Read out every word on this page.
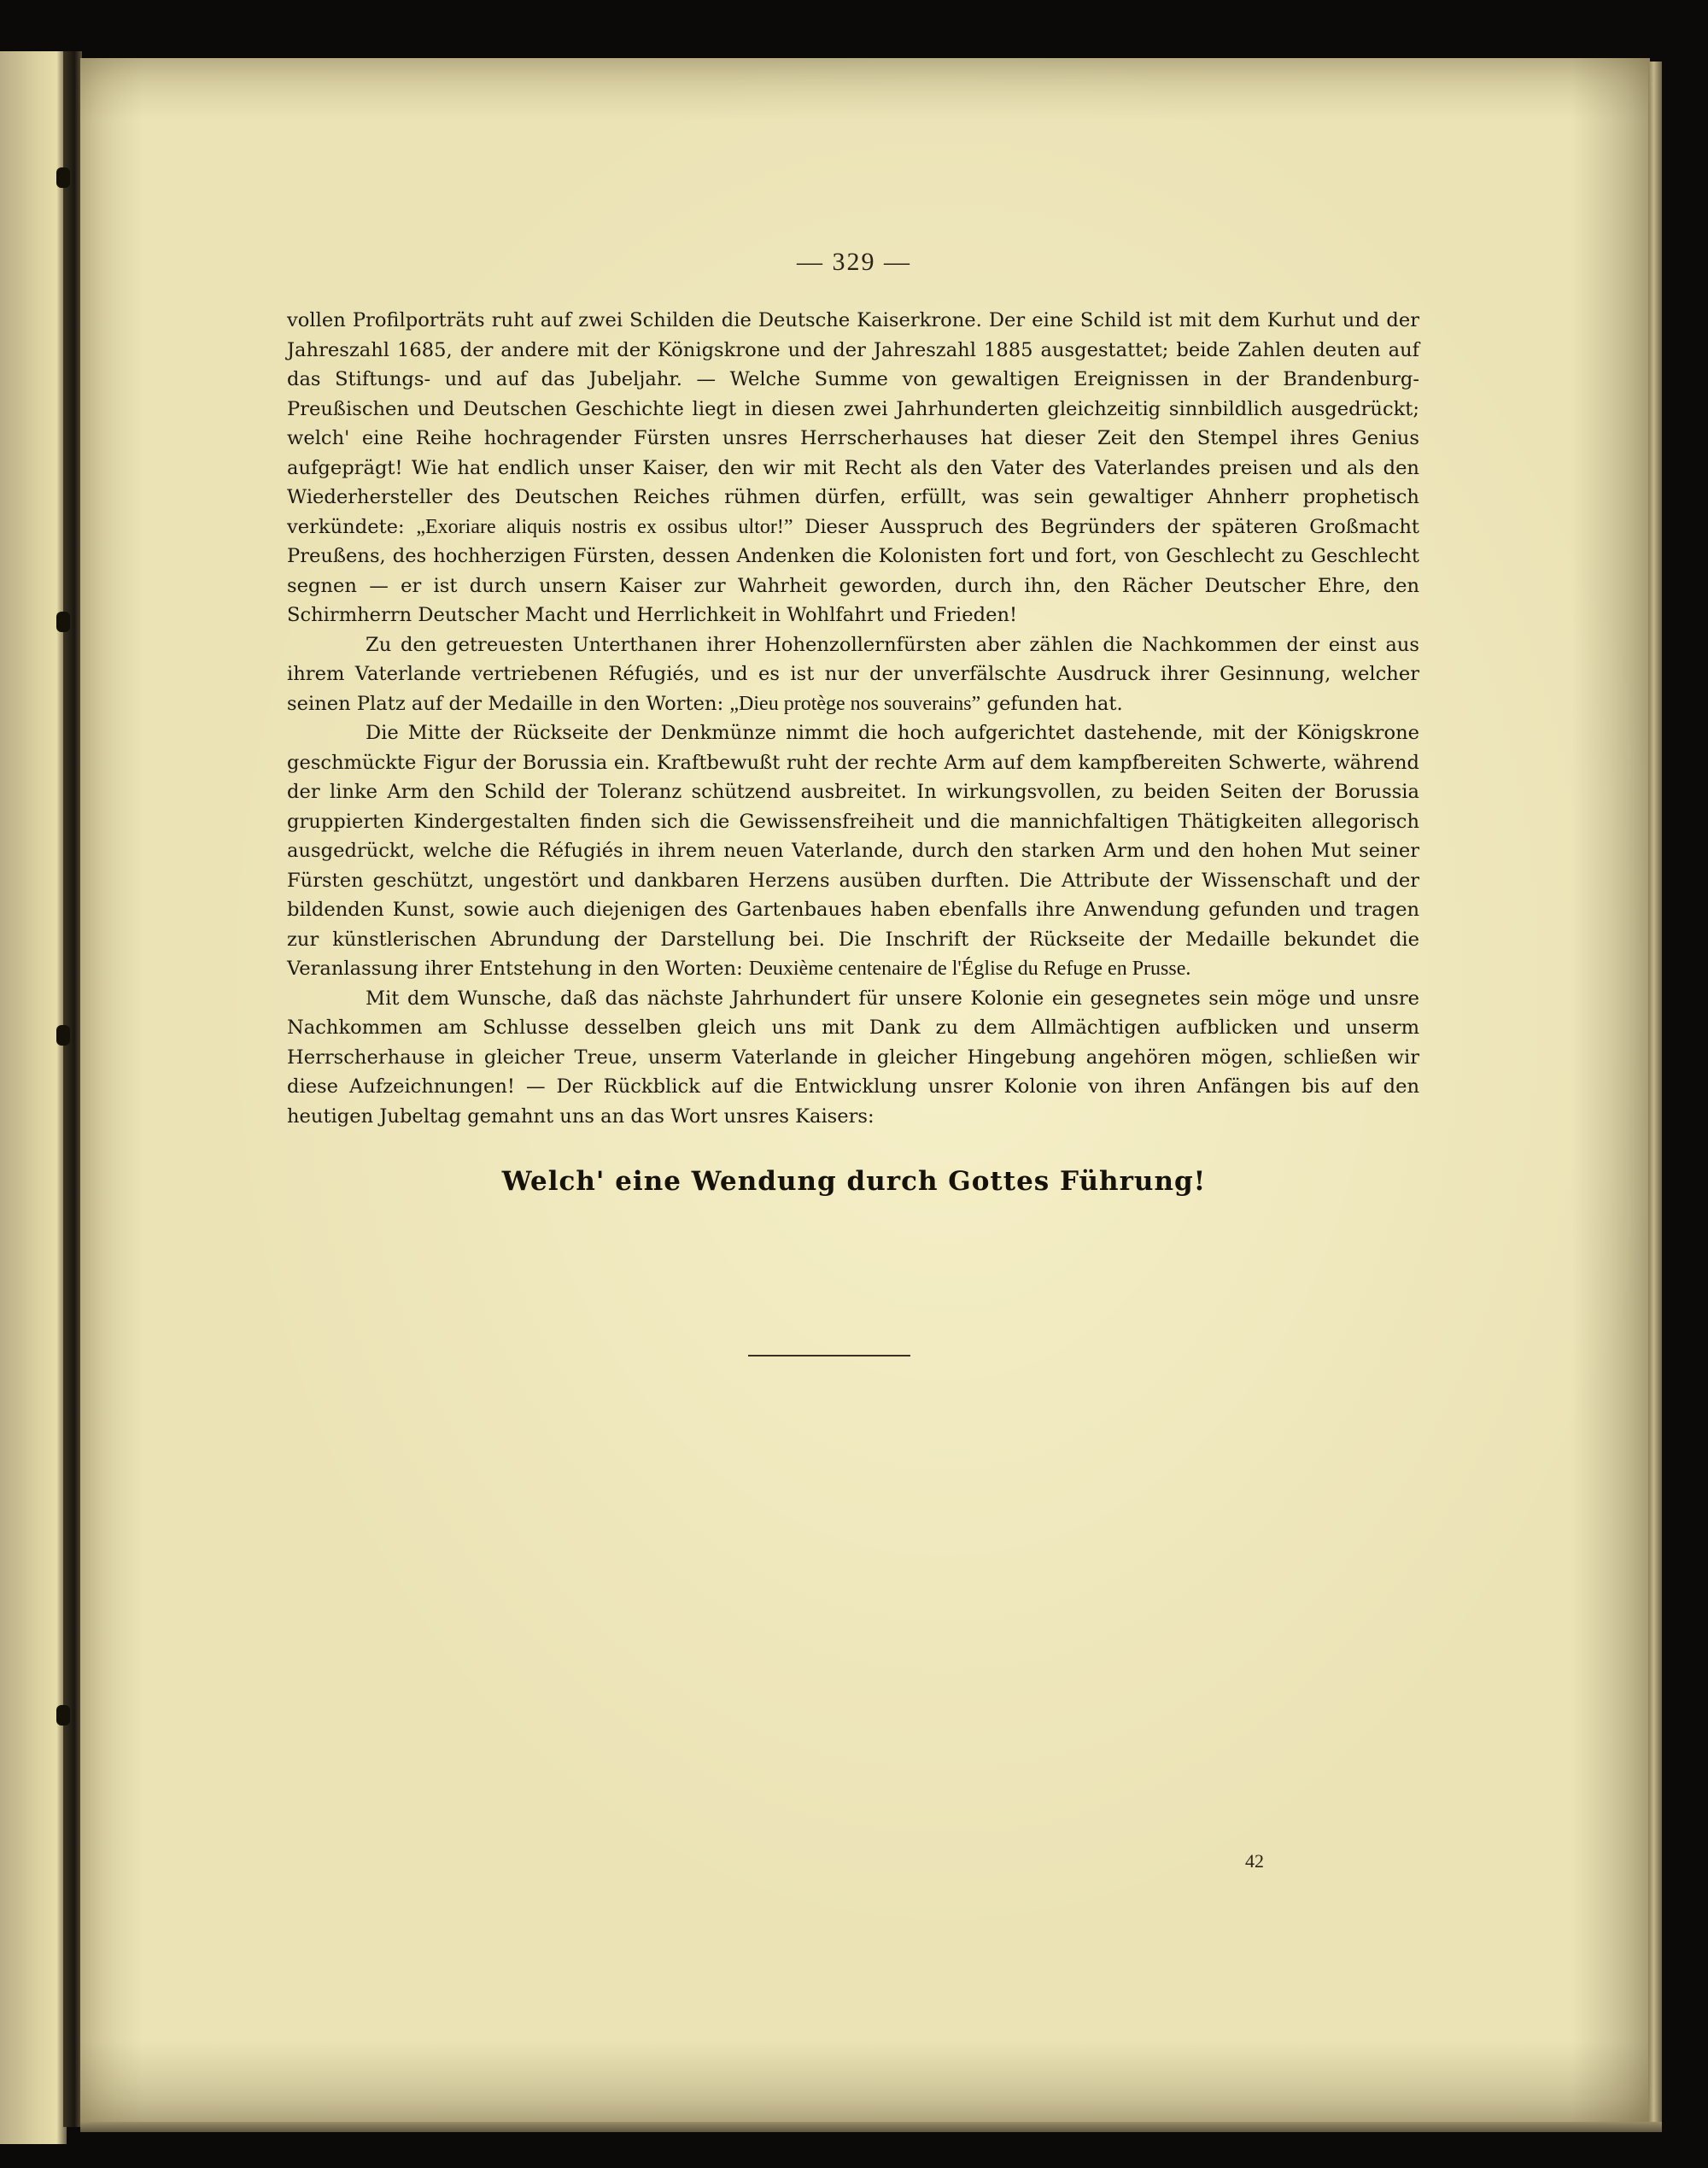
— 329 —

vollen Profilporträts ruht auf zwei Schilden die Deutsche Kaiserkrone. Der eine Schild ist mit dem Kurhut und der Jahreszahl 1685, der andere mit der Königskrone und der Jahreszahl 1885 ausgestattet; beide Zahlen deuten auf das Stiftungs- und auf das Jubeljahr. — Welche Summe von gewaltigen Ereignissen in der Brandenburg-Preußischen und Deutschen Geschichte liegt in diesen zwei Jahrhunderten gleichzeitig sinnbildlich ausgedrückt; welch' eine Reihe hochragender Fürsten unsres Herrscherhauses hat dieser Zeit den Stempel ihres Genius aufgeprägt! Wie hat endlich unser Kaiser, den wir mit Recht als den Vater des Vaterlandes preisen und als den Wiederhersteller des Deutschen Reiches rühmen dürfen, erfüllt, was sein gewaltiger Ahnherr prophetisch verkündete: „Exoriare aliquis nostris ex ossibus ultor!” Dieser Ausspruch des Begründers der späteren Großmacht Preußens, des hochherzigen Fürsten, dessen Andenken die Kolonisten fort und fort, von Geschlecht zu Geschlecht segnen — er ist durch unsern Kaiser zur Wahrheit geworden, durch ihn, den Rächer Deutscher Ehre, den Schirmherrn Deutscher Macht und Herrlichkeit in Wohlfahrt und Frieden!

Zu den getreuesten Unterthanen ihrer Hohenzollernfürsten aber zählen die Nachkommen der einst aus ihrem Vaterlande vertriebenen Réfugiés, und es ist nur der unverfälschte Ausdruck ihrer Gesinnung, welcher seinen Platz auf der Medaille in den Worten: „Dieu protège nos souverains” gefunden hat.

Die Mitte der Rückseite der Denkmünze nimmt die hoch aufgerichtet dastehende, mit der Königskrone geschmückte Figur der Borussia ein. Kraftbewußt ruht der rechte Arm auf dem kampfbereiten Schwerte, während der linke Arm den Schild der Toleranz schützend ausbreitet. In wirkungsvollen, zu beiden Seiten der Borussia gruppierten Kindergestalten finden sich die Gewissensfreiheit und die mannichfaltigen Thätigkeiten allegorisch ausgedrückt, welche die Réfugiés in ihrem neuen Vaterlande, durch den starken Arm und den hohen Mut seiner Fürsten geschützt, ungestört und dankbaren Herzens ausüben durften. Die Attribute der Wissenschaft und der bildenden Kunst, sowie auch diejenigen des Gartenbaues haben ebenfalls ihre Anwendung gefunden und tragen zur künstlerischen Abrundung der Darstellung bei. Die Inschrift der Rückseite der Medaille bekundet die Veranlassung ihrer Entstehung in den Worten: Deuxième centenaire de l'Église du Refuge en Prusse.

Mit dem Wunsche, daß das nächste Jahrhundert für unsere Kolonie ein gesegnetes sein möge und unsre Nachkommen am Schlusse desselben gleich uns mit Dank zu dem Allmächtigen aufblicken und unserm Herrscherhause in gleicher Treue, unserm Vaterlande in gleicher Hingebung angehören mögen, schließen wir diese Aufzeichnungen! — Der Rückblick auf die Entwicklung unsrer Kolonie von ihren Anfängen bis auf den heutigen Jubeltag gemahnt uns an das Wort unsres Kaisers:

Welch' eine Wendung durch Gottes Führung!
42
